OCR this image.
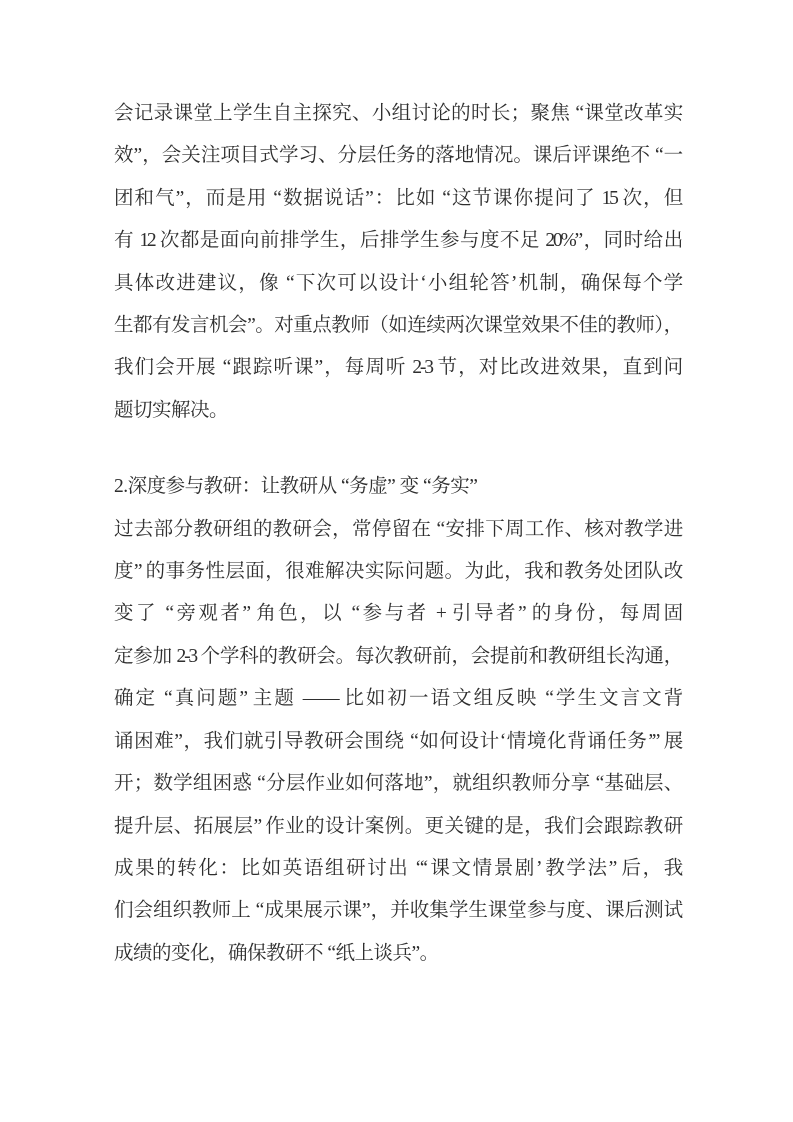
会记录课堂上学生自主探究、小组讨论的时长；聚焦 “课堂改革实
效”，会关注项目式学习、分层任务的落地情况。课后评课绝不 “一
团和气”，而是用 “数据说话”：比如 “这节课你提问了 15 次，但
有 12 次都是面向前排学生，后排学生参与度不足 20%”，同时给出
具体改进建议，像 “下次可以设计‘小组轮答’机制，确保每个学
生都有发言机会”。对重点教师（如连续两次课堂效果不佳的教师），
我们会开展 “跟踪听课”，每周听 2-3 节，对比改进效果，直到问
题切实解决。
2.深度参与教研：让教研从 “务虚” 变 “务实”
过去部分教研组的教研会，常停留在 “安排下周工作、核对教学进
度” 的事务性层面，很难解决实际问题。为此，我和教务处团队改
变了 “旁观者” 角色，以 “参与者 + 引导者” 的身份，每周固
定参加 2-3 个学科的教研会。每次教研前，会提前和教研组长沟通，
确定 “真问题” 主题 —— 比如初一语文组反映 “学生文言文背
诵困难”，我们就引导教研会围绕 “如何设计‘情境化背诵任务’” 展
开；数学组困惑 “分层作业如何落地”，就组织教师分享 “基础层、
提升层、拓展层” 作业的设计案例。更关键的是，我们会跟踪教研
成果的转化：比如英语组研讨出 “‘课文情景剧’ 教学法” 后，我
们会组织教师上 “成果展示课”，并收集学生课堂参与度、课后测试
成绩的变化，确保教研不 “纸上谈兵”。
